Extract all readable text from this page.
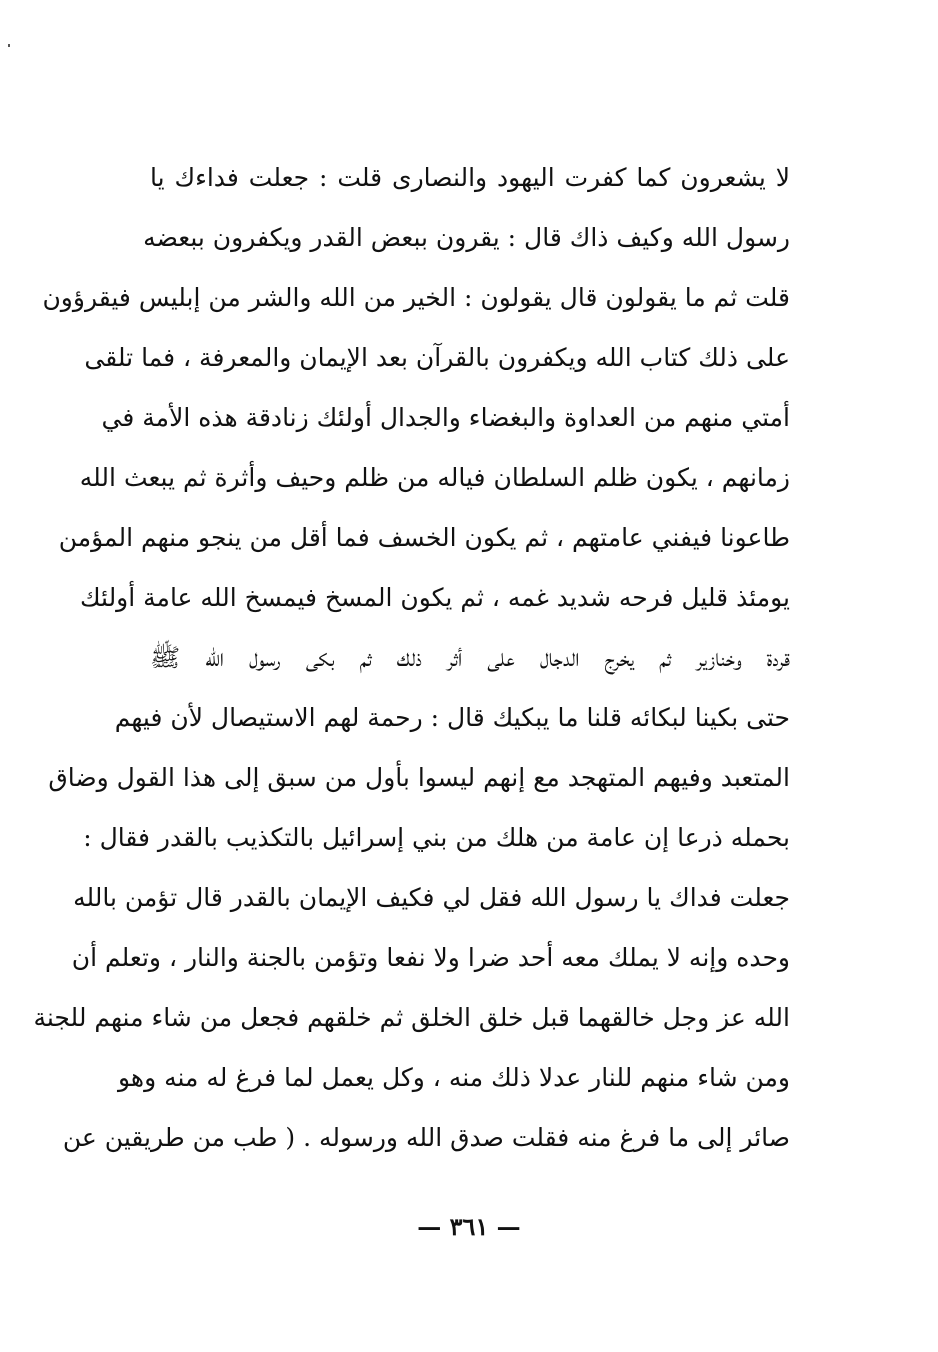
لا يشعرون كما كفرت اليهود والنصارى قلت : جعلت فداءك يا
رسول الله وكيف ذاك قال : يقرون ببعض القدر ويكفرون ببعضه
قلت ثم ما يقولون قال يقولون : الخير من الله والشر من إبليس فيقرؤون
على ذلك كتاب الله ويكفرون بالقرآن بعد الإيمان والمعرفة ، فما تلقى
أمتي منهم من العداوة والبغضاء والجدال أولئك زنادقة هذه الأمة في
زمانهم ، يكون ظلم السلطان فياله من ظلم وحيف وأثرة ثم يبعث الله
طاعونا فيفني عامتهم ، ثم يكون الخسف فما أقل من ينجو منهم المؤمن
يومئذ قليل فرحه شديد غمه ، ثم يكون المسخ فيمسخ الله عامة أولئك
قردة وخنازير ثم يخرج الدجال على أثر ذلك ثم بكى رسول الله ﷺ
حتى بكينا لبكائه قلنا ما يبكيك قال : رحمة لهم الاستيصال لأن فيهم
المتعبد وفيهم المتهجد مع إنهم ليسوا بأول من سبق إلى هذا القول وضاق
بحمله ذرعا إن عامة من هلك من بني إسرائيل بالتكذيب بالقدر فقال :
جعلت فداك يا رسول الله فقل لي فكيف الإيمان بالقدر قال تؤمن بالله
وحده وإنه لا يملك معه أحد ضرا ولا نفعا وتؤمن بالجنة والنار ، وتعلم أن
الله عز وجل خالقهما قبل خلق الخلق ثم خلقهم فجعل من شاء منهم للجنة
ومن شاء منهم للنار عدلا ذلك منه ، وكل يعمل لما فرغ له منه وهو
صائر إلى ما فرغ منه فقلت صدق الله ورسوله . ( طب من طريقين عن
— ٣٦١ —
